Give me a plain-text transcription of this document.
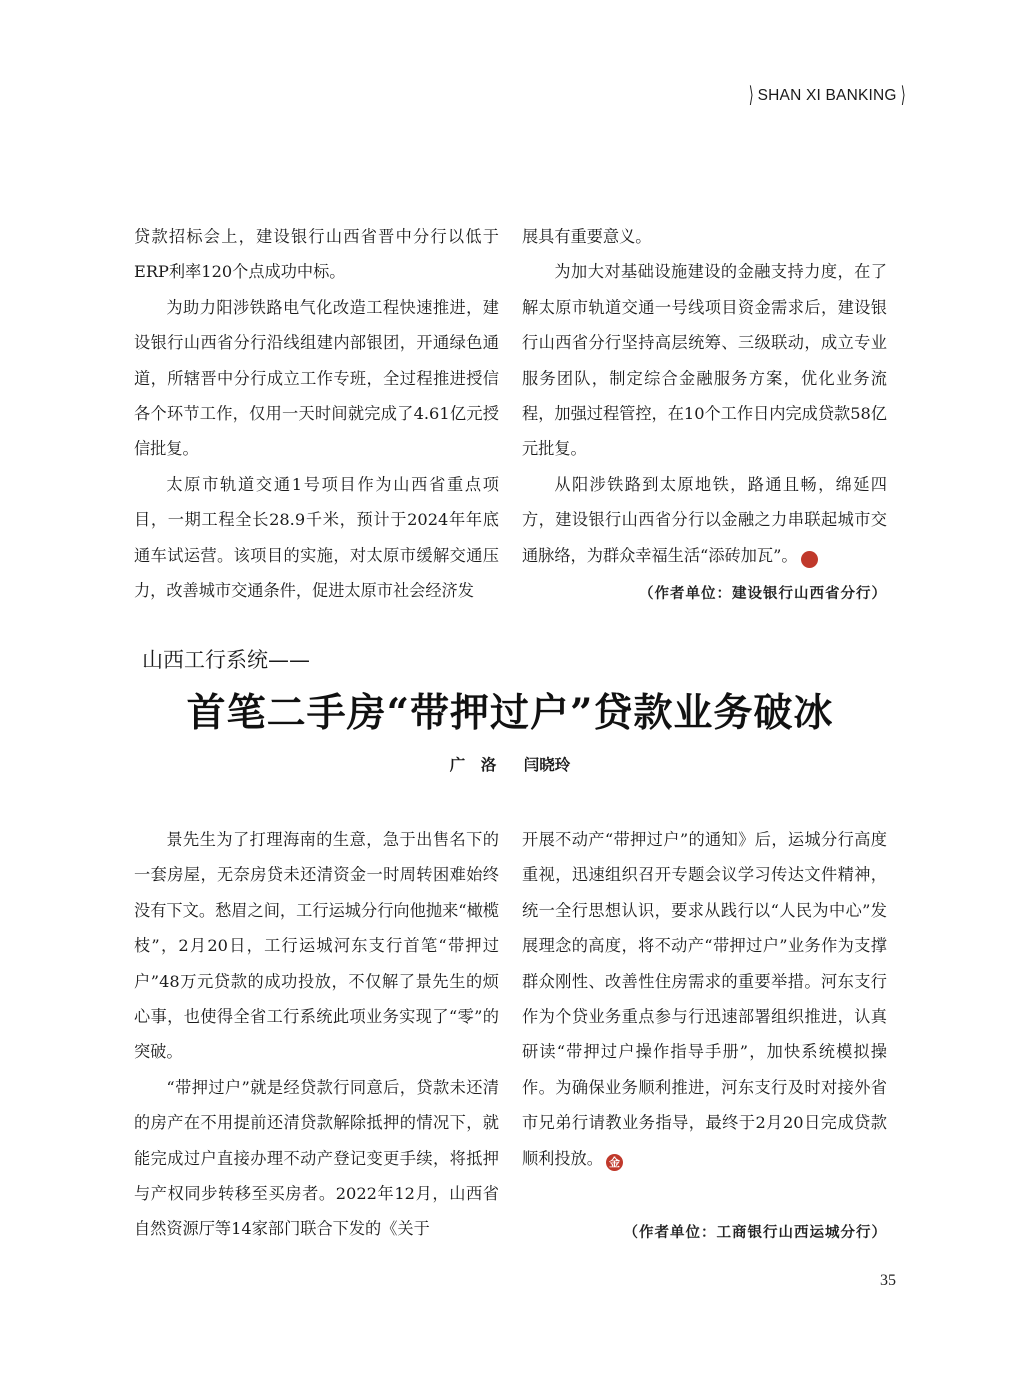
⟩ SHAN XI BANKING ⟩

贷款招标会上，建设银行山西省晋中分行以低于ERP利率120个点成功中标。

为助力阳涉铁路电气化改造工程快速推进，建设银行山西省分行沿线组建内部银团，开通绿色通道，所辖晋中分行成立工作专班，全过程推进授信各个环节工作，仅用一天时间就完成了4.61亿元授信批复。

太原市轨道交通1号项目作为山西省重点项目，一期工程全长28.9千米，预计于2024年年底通车试运营。该项目的实施，对太原市缓解交通压力，改善城市交通条件，促进太原市社会经济发

展具有重要意义。

为加大对基础设施建设的金融支持力度，在了解太原市轨道交通一号线项目资金需求后，建设银行山西省分行坚持高层统筹、三级联动，成立专业服务团队，制定综合金融服务方案，优化业务流程，加强过程管控，在10个工作日内完成贷款58亿元批复。

从阳涉铁路到太原地铁，路通且畅，绵延四方，建设银行山西省分行以金融之力串联起城市交通脉络，为群众幸福生活“添砖加瓦”。	金

（作者单位：建设银行山西省分行）
山西工行系统——
首笔二手房“带押过户”贷款业务破冰
广　洛 闫晓玲

景先生为了打理海南的生意，急于出售名下的一套房屋，无奈房贷未还清资金一时周转困难始终没有下文。愁眉之间，工行运城分行向他抛来“橄榄枝”，2月20日，工行运城河东支行首笔“带押过户”48万元贷款的成功投放，不仅解了景先生的烦心事，也使得全省工行系统此项业务实现了“零”的突破。

“带押过户”就是经贷款行同意后，贷款未还清的房产在不用提前还清贷款解除抵押的情况下，就能完成过户直接办理不动产登记变更手续，将抵押与产权同步转移至买房者。2022年12月，山西省自然资源厅等14家部门联合下发的《关于

开展不动产“带押过户”的通知》后，运城分行高度重视，迅速组织召开专题会议学习传达文件精神，统一全行思想认识，要求从践行以“人民为中心”发展理念的高度，将不动产“带押过户”业务作为支撑群众刚性、改善性住房需求的重要举措。河东支行作为个贷业务重点参与行迅速部署组织推进，认真研读“带押过户操作指导手册”，加快系统模拟操作。为确保业务顺利推进，河东支行及时对接外省市兄弟行请教业务指导，最终于2月20日完成贷款顺利投放。 金

（作者单位：工商银行山西运城分行）
35
